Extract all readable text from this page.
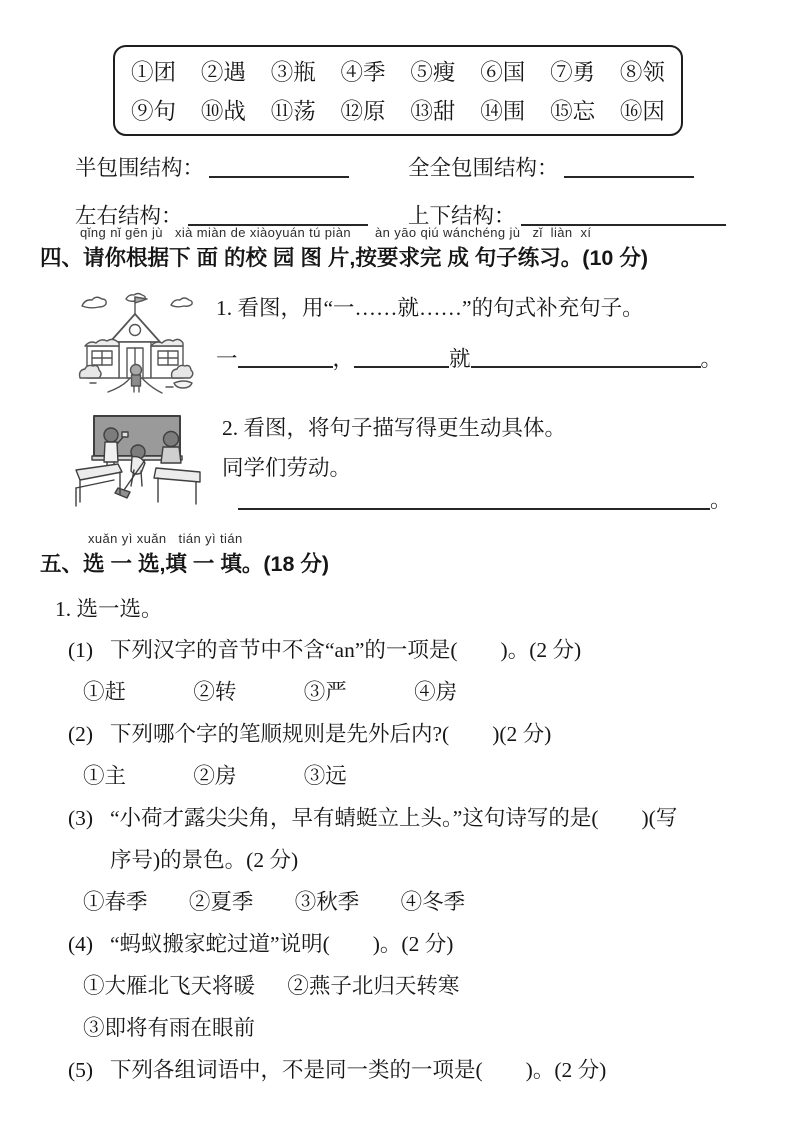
①团 ②遇 ③瓶 ④季 ⑤瘦 ⑥国 ⑦勇 ⑧领
⑨句 ⑩战 ⑪荡 ⑫原 ⑬甜 ⑭围 ⑮忘 ⑯因
半包围结构：	全全包围结构：
左右结构：	上下结构：
qǐng nǐ gēn jù   xià miàn de xiàoyuán tú piàn      àn yāo qiú wánchéng jù   zǐ  liàn  xí
四、请你根据下 面 的校 园 图 片,按要求完 成 句子练习。(10 分)
1. 看图，用“一……就……”的句式补充句子。
一	，	就	。
2. 看图，将句子描写得更生动具体。
同学们劳动。
。
xuǎn yì xuǎn   tián yì tián
五、选 一 选,填 一 填。(18 分)
1. 选一选。
(1) 下列汉字的音节中不含“an”的一项是(　　)。(2 分)
①赶	②转	③严	④房
(2) 下列哪个字的笔顺规则是先外后内?(　　)(2 分)
①主	②房	③远
(3) “小荷才露尖尖角，早有蜻蜓立上头。”这句诗写的是(　　)(写
序号)的景色。(2 分)
①春季 ②夏季 ③秋季 ④冬季
(4) “蚂蚁搬家蛇过道”说明(　　)。(2 分)
①大雁北飞天将暖 ②燕子北归天转寒
③即将有雨在眼前
(5) 下列各组词语中，不是同一类的一项是(　　)。(2 分)
